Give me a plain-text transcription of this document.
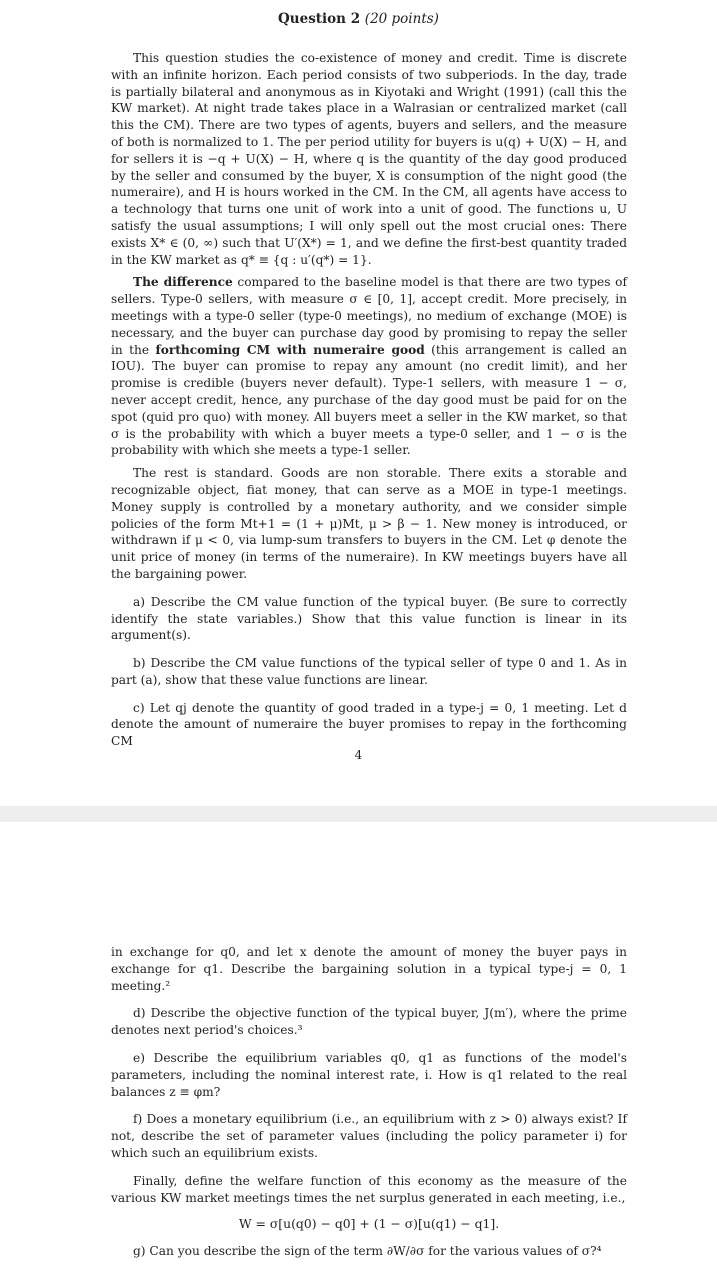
Question 2 (20 points)

This question studies the co-existence of money and credit. Time is discrete with an infinite horizon. Each period consists of two subperiods. In the day, trade is partially bilateral and anonymous as in Kiyotaki and Wright (1991) (call this the KW market). At night trade takes place in a Walrasian or centralized market (call this the CM). There are two types of agents, buyers and sellers, and the measure of both is normalized to 1. The per period utility for buyers is u(q) + U(X) − H, and for sellers it is −q + U(X) − H, where q is the quantity of the day good produced by the seller and consumed by the buyer, X is consumption of the night good (the numeraire), and H is hours worked in the CM. In the CM, all agents have access to a technology that turns one unit of work into a unit of good. The functions u, U satisfy the usual assumptions; I will only spell out the most crucial ones: There exists X* ∈ (0, ∞) such that U′(X*) = 1, and we define the first-best quantity traded in the KW market as q* ≡ {q : u′(q*) = 1}.

The difference compared to the baseline model is that there are two types of sellers. Type-0 sellers, with measure σ ∈ [0, 1], accept credit. More precisely, in meetings with a type-0 seller (type-0 meetings), no medium of exchange (MOE) is necessary, and the buyer can purchase day good by promising to repay the seller in the forthcoming CM with numeraire good (this arrangement is called an IOU). The buyer can promise to repay any amount (no credit limit), and her promise is credible (buyers never default). Type-1 sellers, with measure 1 − σ, never accept credit, hence, any purchase of the day good must be paid for on the spot (quid pro quo) with money. All buyers meet a seller in the KW market, so that σ is the probability with which a buyer meets a type-0 seller, and 1 − σ is the probability with which she meets a type-1 seller.

The rest is standard. Goods are non storable. There exits a storable and recognizable object, fiat money, that can serve as a MOE in type-1 meetings. Money supply is controlled by a monetary authority, and we consider simple policies of the form Mt+1 = (1 + μ)Mt, μ > β − 1. New money is introduced, or withdrawn if μ < 0, via lump-sum transfers to buyers in the CM. Let φ denote the unit price of money (in terms of the numeraire). In KW meetings buyers have all the bargaining power.

a) Describe the CM value function of the typical buyer. (Be sure to correctly identify the state variables.) Show that this value function is linear in its argument(s).

b) Describe the CM value functions of the typical seller of type 0 and 1. As in part (a), show that these value functions are linear.

c) Let qj denote the quantity of good traded in a type-j = 0, 1 meeting. Let d denote the amount of numeraire the buyer promises to repay in the forthcoming CM

4

in exchange for q0, and let x denote the amount of money the buyer pays in exchange for q1. Describe the bargaining solution in a typical type-j = 0, 1 meeting.²

d) Describe the objective function of the typical buyer, J(m′), where the prime denotes next period's choices.³

e) Describe the equilibrium variables q0, q1 as functions of the model's parameters, including the nominal interest rate, i. How is q1 related to the real balances z ≡ φm?

f) Does a monetary equilibrium (i.e., an equilibrium with z > 0) always exist? If not, describe the set of parameter values (including the policy parameter i) for which such an equilibrium exists.

Finally, define the welfare function of this economy as the measure of the various KW market meetings times the net surplus generated in each meeting, i.e.,

W = σ[u(q0) − q0] + (1 − σ)[u(q1) − q1].

g) Can you describe the sign of the term ∂W/∂σ for the various values of σ?⁴
